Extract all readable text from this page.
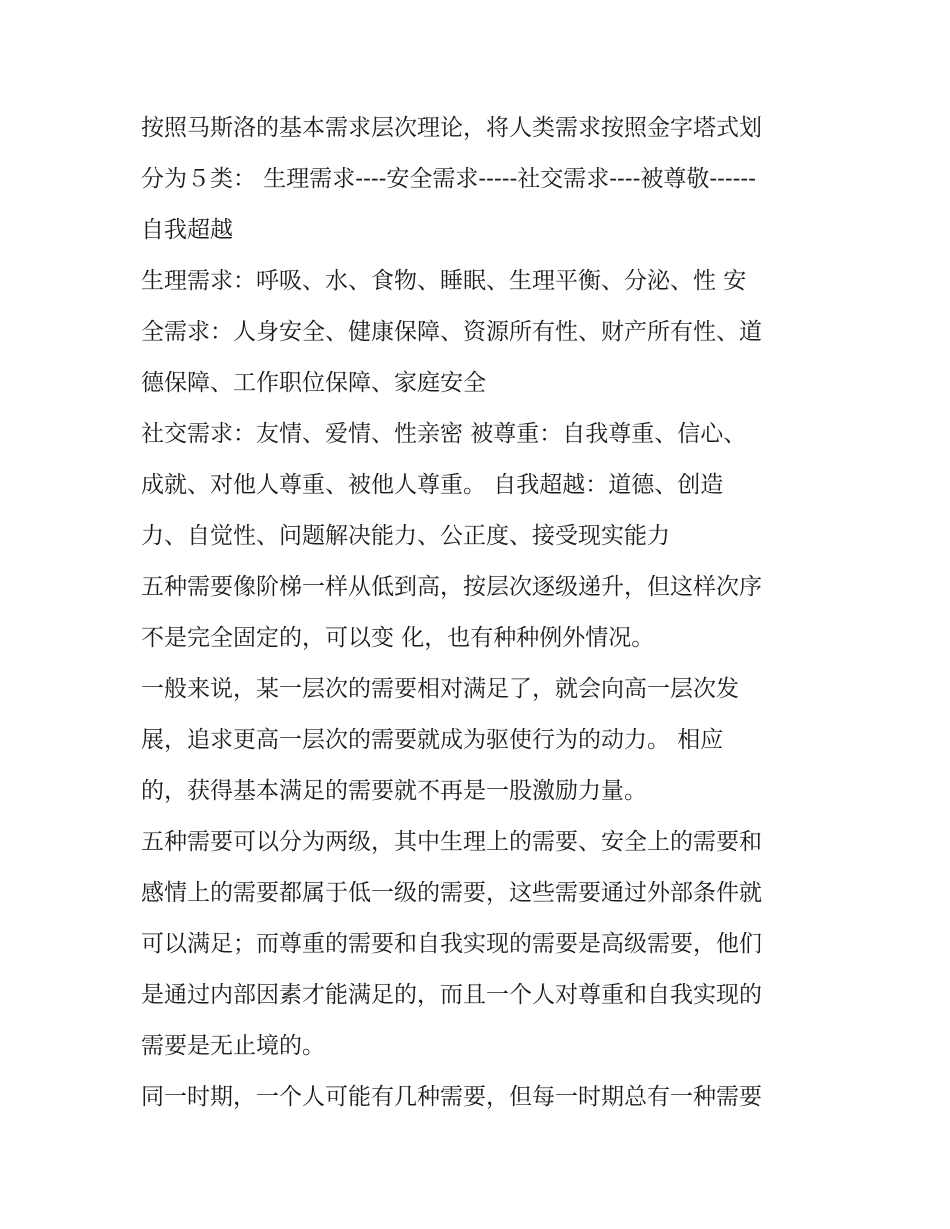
按照马斯洛的基本需求层次理论，将人类需求按照金字塔式划
分为５类： 生理需求----安全需求-----社交需求----被尊敬------
自我超越
生理需求：呼吸、水、食物、睡眠、生理平衡、分泌、性 安
全需求：人身安全、健康保障、资源所有性、财产所有性、道
德保障、工作职位保障、家庭安全
社交需求：友情、爱情、性亲密 被尊重：自我尊重、信心、
成就、对他人尊重、被他人尊重。 自我超越：道德、创造
力、自觉性、问题解决能力、公正度、接受现实能力
五种需要像阶梯一样从低到高，按层次逐级递升，但这样次序
不是完全固定的，可以变 化，也有种种例外情况。
一般来说，某一层次的需要相对满足了，就会向高一层次发
展，追求更高一层次的需要就成为驱使行为的动力。 相应
的，获得基本满足的需要就不再是一股激励力量。
五种需要可以分为两级，其中生理上的需要、安全上的需要和
感情上的需要都属于低一级的需要，这些需要通过外部条件就
可以满足；而尊重的需要和自我实现的需要是高级需要，他们
是通过内部因素才能满足的，而且一个人对尊重和自我实现的
需要是无止境的。
同一时期，一个人可能有几种需要，但每一时期总有一种需要
